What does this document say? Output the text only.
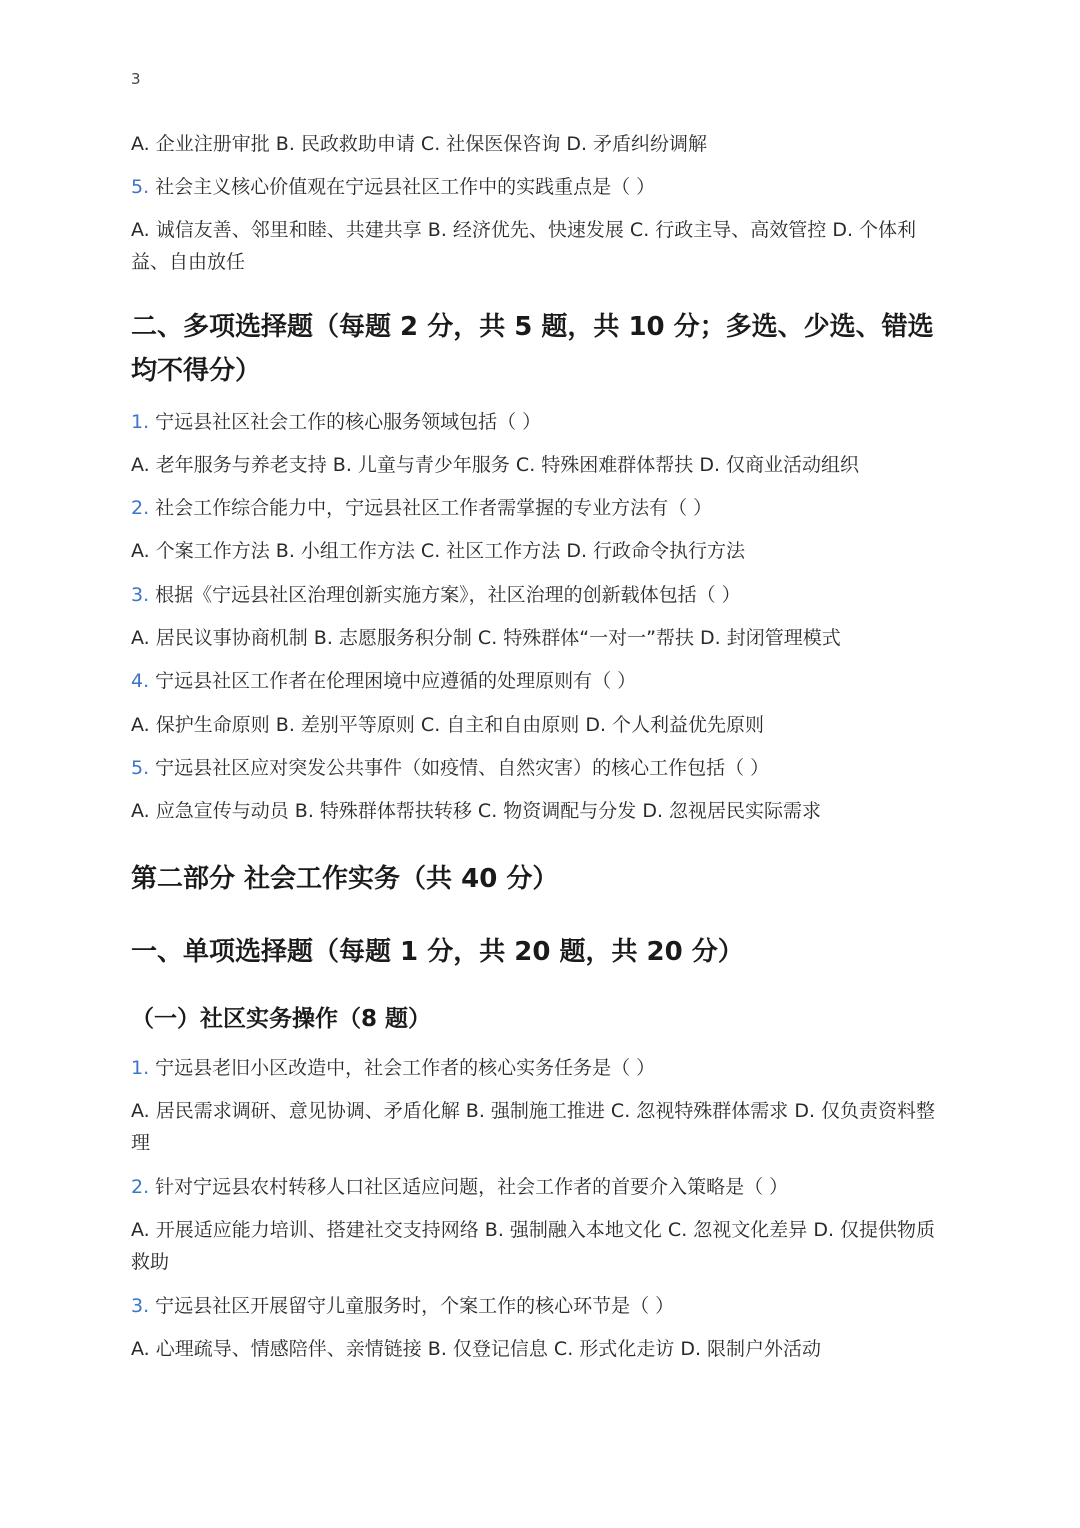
3
A. 企业注册审批 B. 民政救助申请 C. 社保医保咨询 D. 矛盾纠纷调解
5. 社会主义核心价值观在宁远县社区工作中的实践重点是（ ）
A. 诚信友善、邻里和睦、共建共享 B. 经济优先、快速发展 C. 行政主导、高效管控 D. 个体利益、自由放任
二、多项选择题（每题 2 分，共 5 题，共 10 分；多选、少选、错选均不得分）
1. 宁远县社区社会工作的核心服务领域包括（ ）
A. 老年服务与养老支持 B. 儿童与青少年服务 C. 特殊困难群体帮扶 D. 仅商业活动组织
2. 社会工作综合能力中，宁远县社区工作者需掌握的专业方法有（ ）
A. 个案工作方法 B. 小组工作方法 C. 社区工作方法 D. 行政命令执行方法
3. 根据《宁远县社区治理创新实施方案》，社区治理的创新载体包括（ ）
A. 居民议事协商机制 B. 志愿服务积分制 C. 特殊群体“一对一”帮扶 D. 封闭管理模式
4. 宁远县社区工作者在伦理困境中应遵循的处理原则有（ ）
A. 保护生命原则 B. 差别平等原则 C. 自主和自由原则 D. 个人利益优先原则
5. 宁远县社区应对突发公共事件（如疫情、自然灾害）的核心工作包括（ ）
A. 应急宣传与动员 B. 特殊群体帮扶转移 C. 物资调配与分发 D. 忽视居民实际需求
第二部分 社会工作实务（共 40 分）
一、单项选择题（每题 1 分，共 20 题，共 20 分）
（一）社区实务操作（8 题）
1. 宁远县老旧小区改造中，社会工作者的核心实务任务是（ ）
A. 居民需求调研、意见协调、矛盾化解 B. 强制施工推进 C. 忽视特殊群体需求 D. 仅负责资料整理
2. 针对宁远县农村转移人口社区适应问题，社会工作者的首要介入策略是（ ）
A. 开展适应能力培训、搭建社交支持网络 B. 强制融入本地文化 C. 忽视文化差异 D. 仅提供物质救助
3. 宁远县社区开展留守儿童服务时，个案工作的核心环节是（ ）
A. 心理疏导、情感陪伴、亲情链接 B. 仅登记信息 C. 形式化走访 D. 限制户外活动
